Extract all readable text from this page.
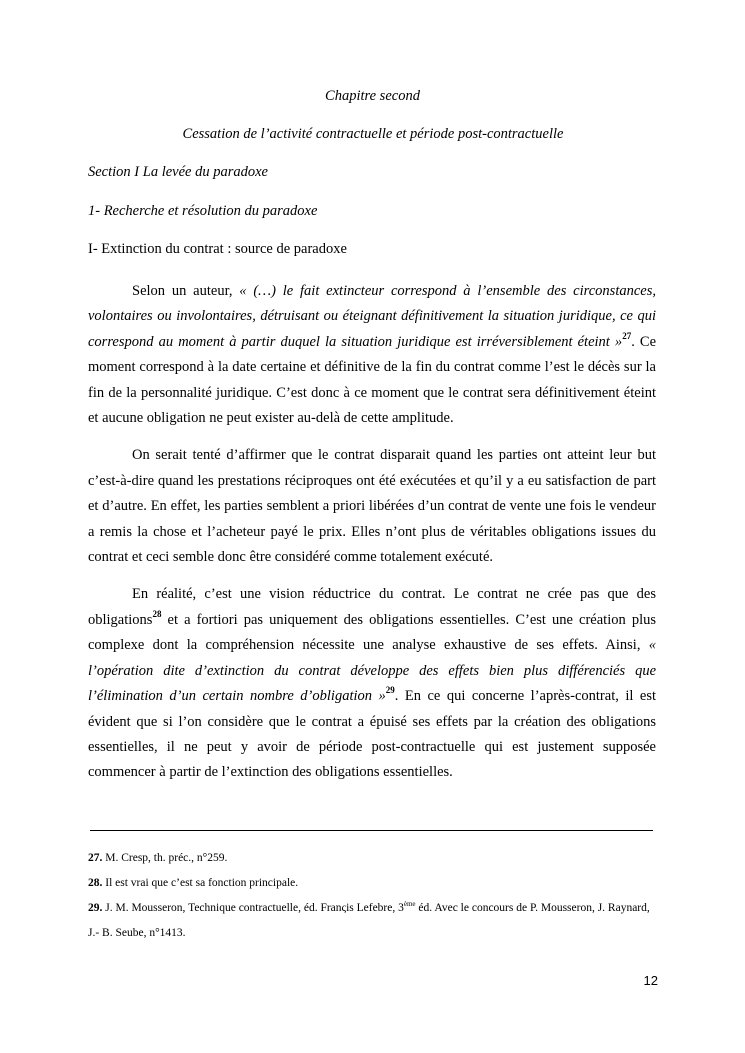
Chapitre second
Cessation de l’activité contractuelle et période post-contractuelle
Section I La levée du paradoxe
1- Recherche et résolution du paradoxe
I- Extinction du contrat : source de paradoxe

Selon un auteur, « (…) le fait extincteur correspond à l’ensemble des circonstances, volontaires ou involontaires, détruisant ou éteignant définitivement la situation juridique, ce qui correspond au moment à partir duquel la situation juridique est irréversiblement éteint »$^{27}$. Ce moment correspond à la date certaine et définitive de la fin du contrat comme l’est le décès sur la fin de la personnalité juridique. C’est donc à ce moment que le contrat sera définitivement éteint et aucune obligation ne peut exister au-delà de cette amplitude.

On serait tenté d’affirmer que le contrat disparait quand les parties ont atteint leur but c’est-à-dire quand les prestations réciproques ont été exécutées et qu’il y a eu satisfaction de part et d’autre. En effet, les parties semblent a priori libérées d’un contrat de vente une fois le vendeur a remis la chose et l’acheteur payé le prix. Elles n’ont plus de véritables obligations issues du contrat et ceci semble donc être considéré comme totalement exécuté.

En réalité, c’est une vision réductrice du contrat. Le contrat ne crée pas que des obligations$^{28}$ et a fortiori pas uniquement des obligations essentielles. C’est une création plus complexe dont la compréhension nécessite une analyse exhaustive de ses effets. Ainsi, « l’opération dite d’extinction du contrat développe des effets bien plus différenciés que l’élimination d’un certain nombre d’obligation »$^{29}$. En ce qui concerne l’après-contrat, il est évident que si l’on considère que le contrat a épuisé ses effets par la création des obligations essentielles, il ne peut y avoir de période post-contractuelle qui est justement supposée commencer à partir de l’extinction des obligations essentielles.

27. M. Cresp, th. préc., n°259.
28. Il est vrai que c’est sa fonction principale.
29. J. M. Mousseron, Technique contractuelle, éd. Franςis Lefebre, 3ème éd. Avec le concours de P. Mousseron, J. Raynard, J.- B. Seube, n°1413.
12
